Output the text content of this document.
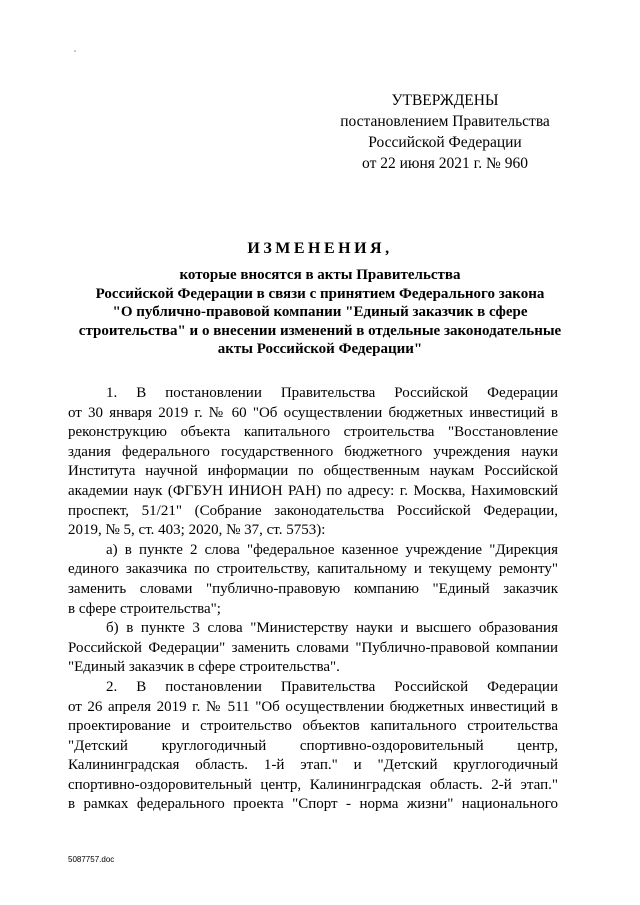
УТВЕРЖДЕНЫ
постановлением Правительства
Российской Федерации
от 22 июня 2021 г. № 960
ИЗМЕНЕНИЯ,
которые вносятся в акты Правительства
Российской Федерации в связи с принятием Федерального закона
"О публично-правовой компании "Единый заказчик в сфере
строительства" и о внесении изменений в отдельные законодательные
акты Российской Федерации"
1. В постановлении Правительства Российской Федерации
от 30 января 2019 г. № 60 "Об осуществлении бюджетных инвестиций в
реконструкцию объекта капитального строительства "Восстановление
здания федерального государственного бюджетного учреждения науки
Института научной информации по общественным наукам Российской
академии наук (ФГБУН ИНИОН РАН) по адресу: г. Москва, Нахимовский
проспект, 51/21" (Собрание законодательства Российской Федерации,
2019, № 5, ст. 403; 2020, № 37, ст. 5753):
а) в пункте 2 слова "федеральное казенное учреждение "Дирекция
единого заказчика по строительству, капитальному и текущему ремонту"
заменить словами "публично-правовую компанию "Единый заказчик
в сфере строительства";
б) в пункте 3 слова "Министерству науки и высшего образования
Российской Федерации" заменить словами "Публично-правовой компании
"Единый заказчик в сфере строительства".
2. В постановлении Правительства Российской Федерации
от 26 апреля 2019 г. № 511 "Об осуществлении бюджетных инвестиций в
проектирование и строительство объектов капитального строительства
"Детский круглогодичный спортивно-оздоровительный центр,
Калининградская область. 1-й этап." и "Детский круглогодичный
спортивно-оздоровительный центр, Калининградская область. 2-й этап."
в рамках федерального проекта "Спорт - норма жизни" национального
5087757.doc
